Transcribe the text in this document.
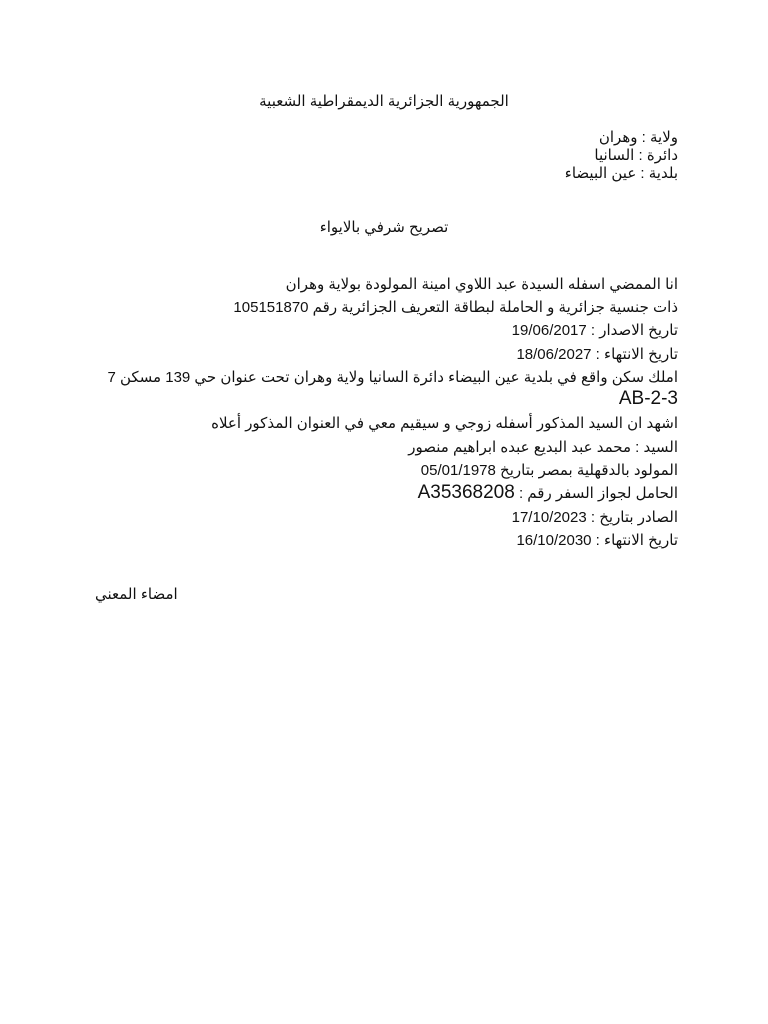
الجمهورية الجزائرية الديمقراطية الشعبية
ولاية : وهران
دائرة : السانيا
بلدية : عين البيضاء
تصريح شرفي بالايواء
انا الممضي اسفله السيدة عبد اللاوي امينة المولودة بولاية وهران
ذات جنسية جزائرية و الحاملة لبطاقة التعريف الجزائرية رقم 105151870
تاريخ الاصدار : 19/06/2017
تاريخ الانتهاء : 18/06/2027
املك سكن واقع في بلدية عين البيضاء دائرة السانيا ولاية وهران تحت عنوان حي 139 مسكن 7
AB-2-3
اشهد ان السيد المذكور أسفله زوجي و سيقيم معي في العنوان المذكور أعلاه
السيد : محمد عبد البديع عبده ابراهيم منصور
المولود بالدقهلية بمصر بتاريخ 05/01/1978
الحامل لجواز السفر رقم : A35368208
الصادر بتاريخ : 17/10/2023
تاريخ الانتهاء : 16/10/2030
امضاء المعني
